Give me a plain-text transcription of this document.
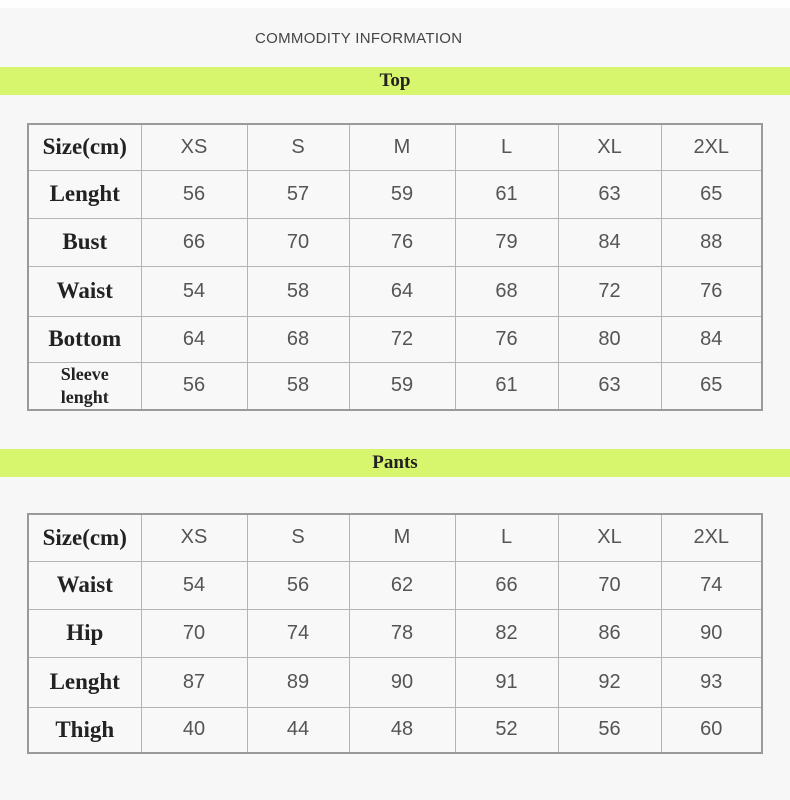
COMMODITY INFORMATION
Top
Size(cm)	XS	S	M	L	XL	2XL
Lenght	56	57	59	61	63	65
Bust	66	70	76	79	84	88
Waist	54	58	64	68	72	76
Bottom	64	68	72	76	80	84
Sleeve
lenght	56	58	59	61	63	65
Pants
Size(cm)	XS	S	M	L	XL	2XL
Waist	54	56	62	66	70	74
Hip	70	74	78	82	86	90
Lenght	87	89	90	91	92	93
Thigh	40	44	48	52	56	60
